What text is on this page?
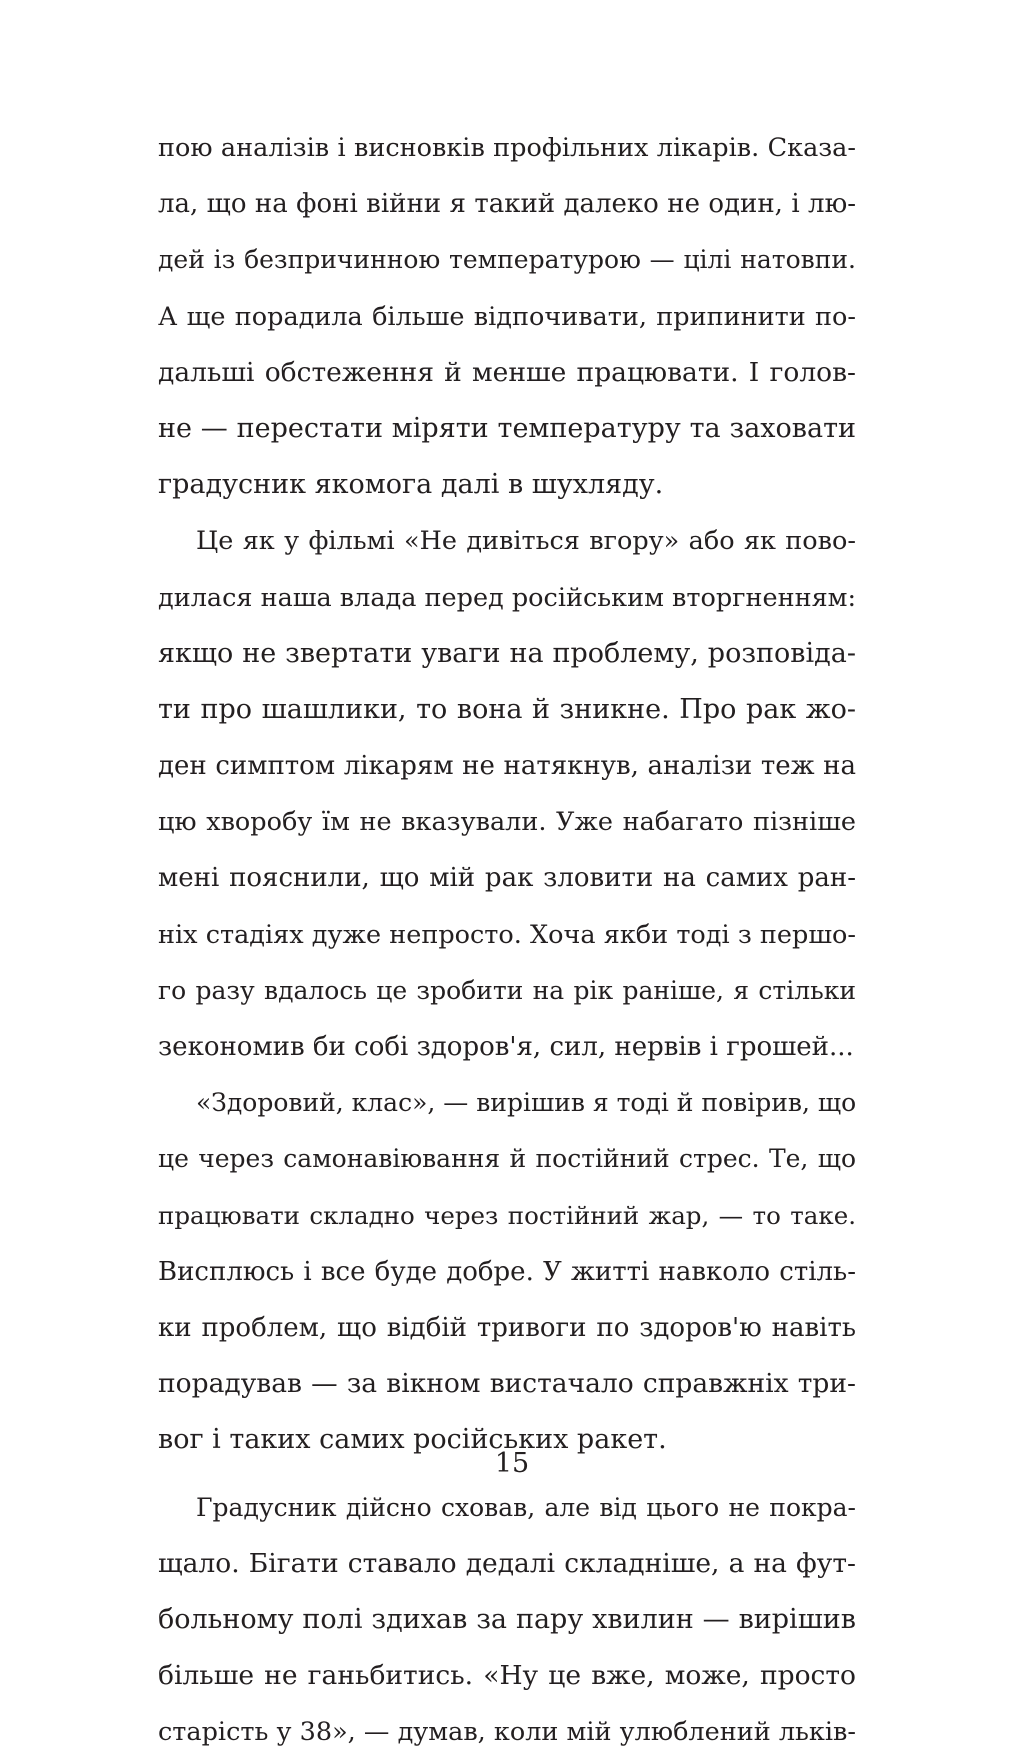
пою аналізів і висновків профільних лікарів. Сказа-
ла, що на фоні війни я такий далеко не один, і лю-
дей із безпричинною температурою — цілі натовпи.
А ще порадила більше відпочивати, припинити по-
дальші обстеження й менше працювати. І голов-
не — перестати міряти температуру та заховати
градусник якомога далі в шухляду.
Це як у фільмі «Не дивіться вгору» або як пово-
дилася наша влада перед російським вторгненням:
якщо не звертати уваги на проблему, розповіда-
ти про шашлики, то вона й зникне. Про рак жо-
ден симптом лікарям не натякнув, аналізи теж на
цю хворобу їм не вказували. Уже набагато пізніше
мені пояснили, що мій рак зловити на самих ран-
ніх стадіях дуже непросто. Хоча якби тоді з першо-
го разу вдалось це зробити на рік раніше, я стільки
зекономив би собі здоров'я, сил, нервів і грошей...
«Здоровий, клас», — вирішив я тоді й повірив, що
це через самонавіювання й постійний стрес. Те, що
працювати складно через постійний жар, — то таке.
Висплюсь і все буде добре. У житті навколо стіль-
ки проблем, що відбій тривоги по здоров'ю навіть
порадував — за вікном вистачало справжніх три-
вог і таких самих російських ракет.
Градусник дійсно сховав, але від цього не покра-
щало. Бігати ставало дедалі складніше, а на фут-
больному полі здихав за пару хвилин — вирішив
більше не ганьбитись. «Ну це вже, може, просто
старість у 38», — думав, коли мій улюблений льків-
15
